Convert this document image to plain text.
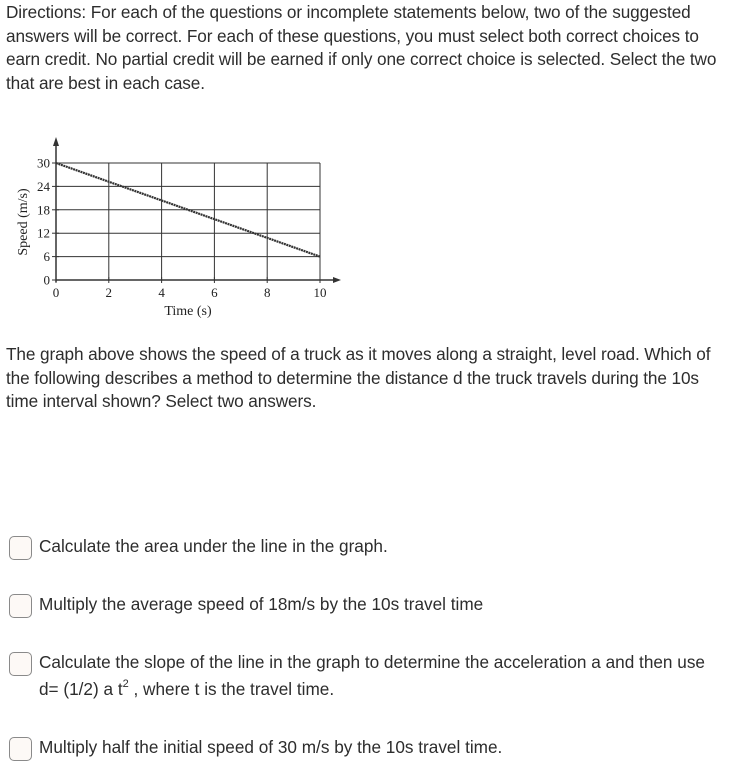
Directions: For each of the questions or incomplete statements below, two of the suggested answers will be correct. For each of these questions, you must select both correct choices to earn credit. No partial credit will be earned if only one correct choice is selected. Select the two that are best in each case.
0	2	4	6	8	10
0
6
12
18
24
30
Time (s)
Speed (m/s)
The graph above shows the speed of a truck as it moves along a straight, level road. Which of the following describes a method to determine the distance d the truck travels during the 10s time interval shown? Select two answers.
Calculate the area under the line in the graph.
Multiply the average speed of 18m/s by the 10s travel time
Calculate the slope of the line in the graph to determine the acceleration a and then use d= (1/2) a $t^2$ , where t is the travel time.
Multiply half the initial speed of 30 m/s by the 10s travel time.
